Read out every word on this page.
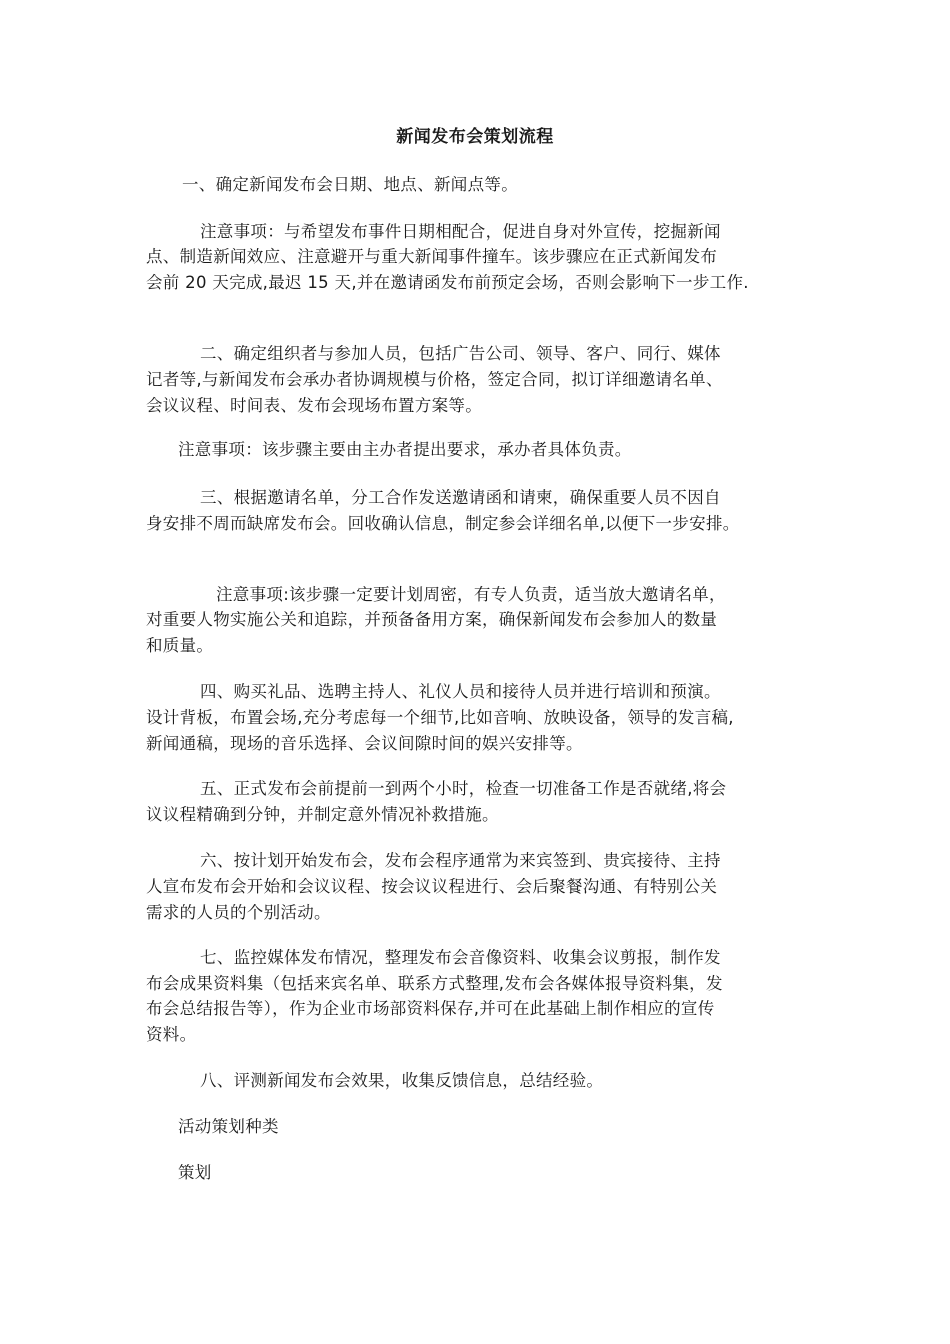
新闻发布会策划流程
一、确定新闻发布会日期、地点、新闻点等。
注意事项：与希望发布事件日期相配合，促进自身对外宣传，挖掘新闻
点、制造新闻效应、注意避开与重大新闻事件撞车。该步骤应在正式新闻发布
会前 20 天完成,最迟 15 天,并在邀请函发布前预定会场，否则会影响下一步工作.
二、确定组织者与参加人员，包括广告公司、领导、客户、同行、媒体
记者等,与新闻发布会承办者协调规模与价格，签定合同，拟订详细邀请名单、
会议议程、时间表、发布会现场布置方案等。
注意事项：该步骤主要由主办者提出要求，承办者具体负责。
三、根据邀请名单，分工合作发送邀请函和请柬，确保重要人员不因自
身安排不周而缺席发布会。回收确认信息，制定参会详细名单,以便下一步安排。
注意事项:该步骤一定要计划周密，有专人负责，适当放大邀请名单，
对重要人物实施公关和追踪，并预备备用方案，确保新闻发布会参加人的数量
和质量。
四、购买礼品、选聘主持人、礼仪人员和接待人员并进行培训和预演。
设计背板，布置会场,充分考虑每一个细节,比如音响、放映设备，领导的发言稿,
新闻通稿，现场的音乐选择、会议间隙时间的娱兴安排等。
五、正式发布会前提前一到两个小时，检查一切准备工作是否就绪,将会
议议程精确到分钟，并制定意外情况补救措施。
六、按计划开始发布会，发布会程序通常为来宾签到、贵宾接待、主持
人宣布发布会开始和会议议程、按会议议程进行、会后聚餐沟通、有特别公关
需求的人员的个别活动。
七、监控媒体发布情况，整理发布会音像资料、收集会议剪报，制作发
布会成果资料集（包括来宾名单、联系方式整理,发布会各媒体报导资料集，发
布会总结报告等），作为企业市场部资料保存,并可在此基础上制作相应的宣传
资料。
八、评测新闻发布会效果，收集反馈信息，总结经验。
活动策划种类
策划
